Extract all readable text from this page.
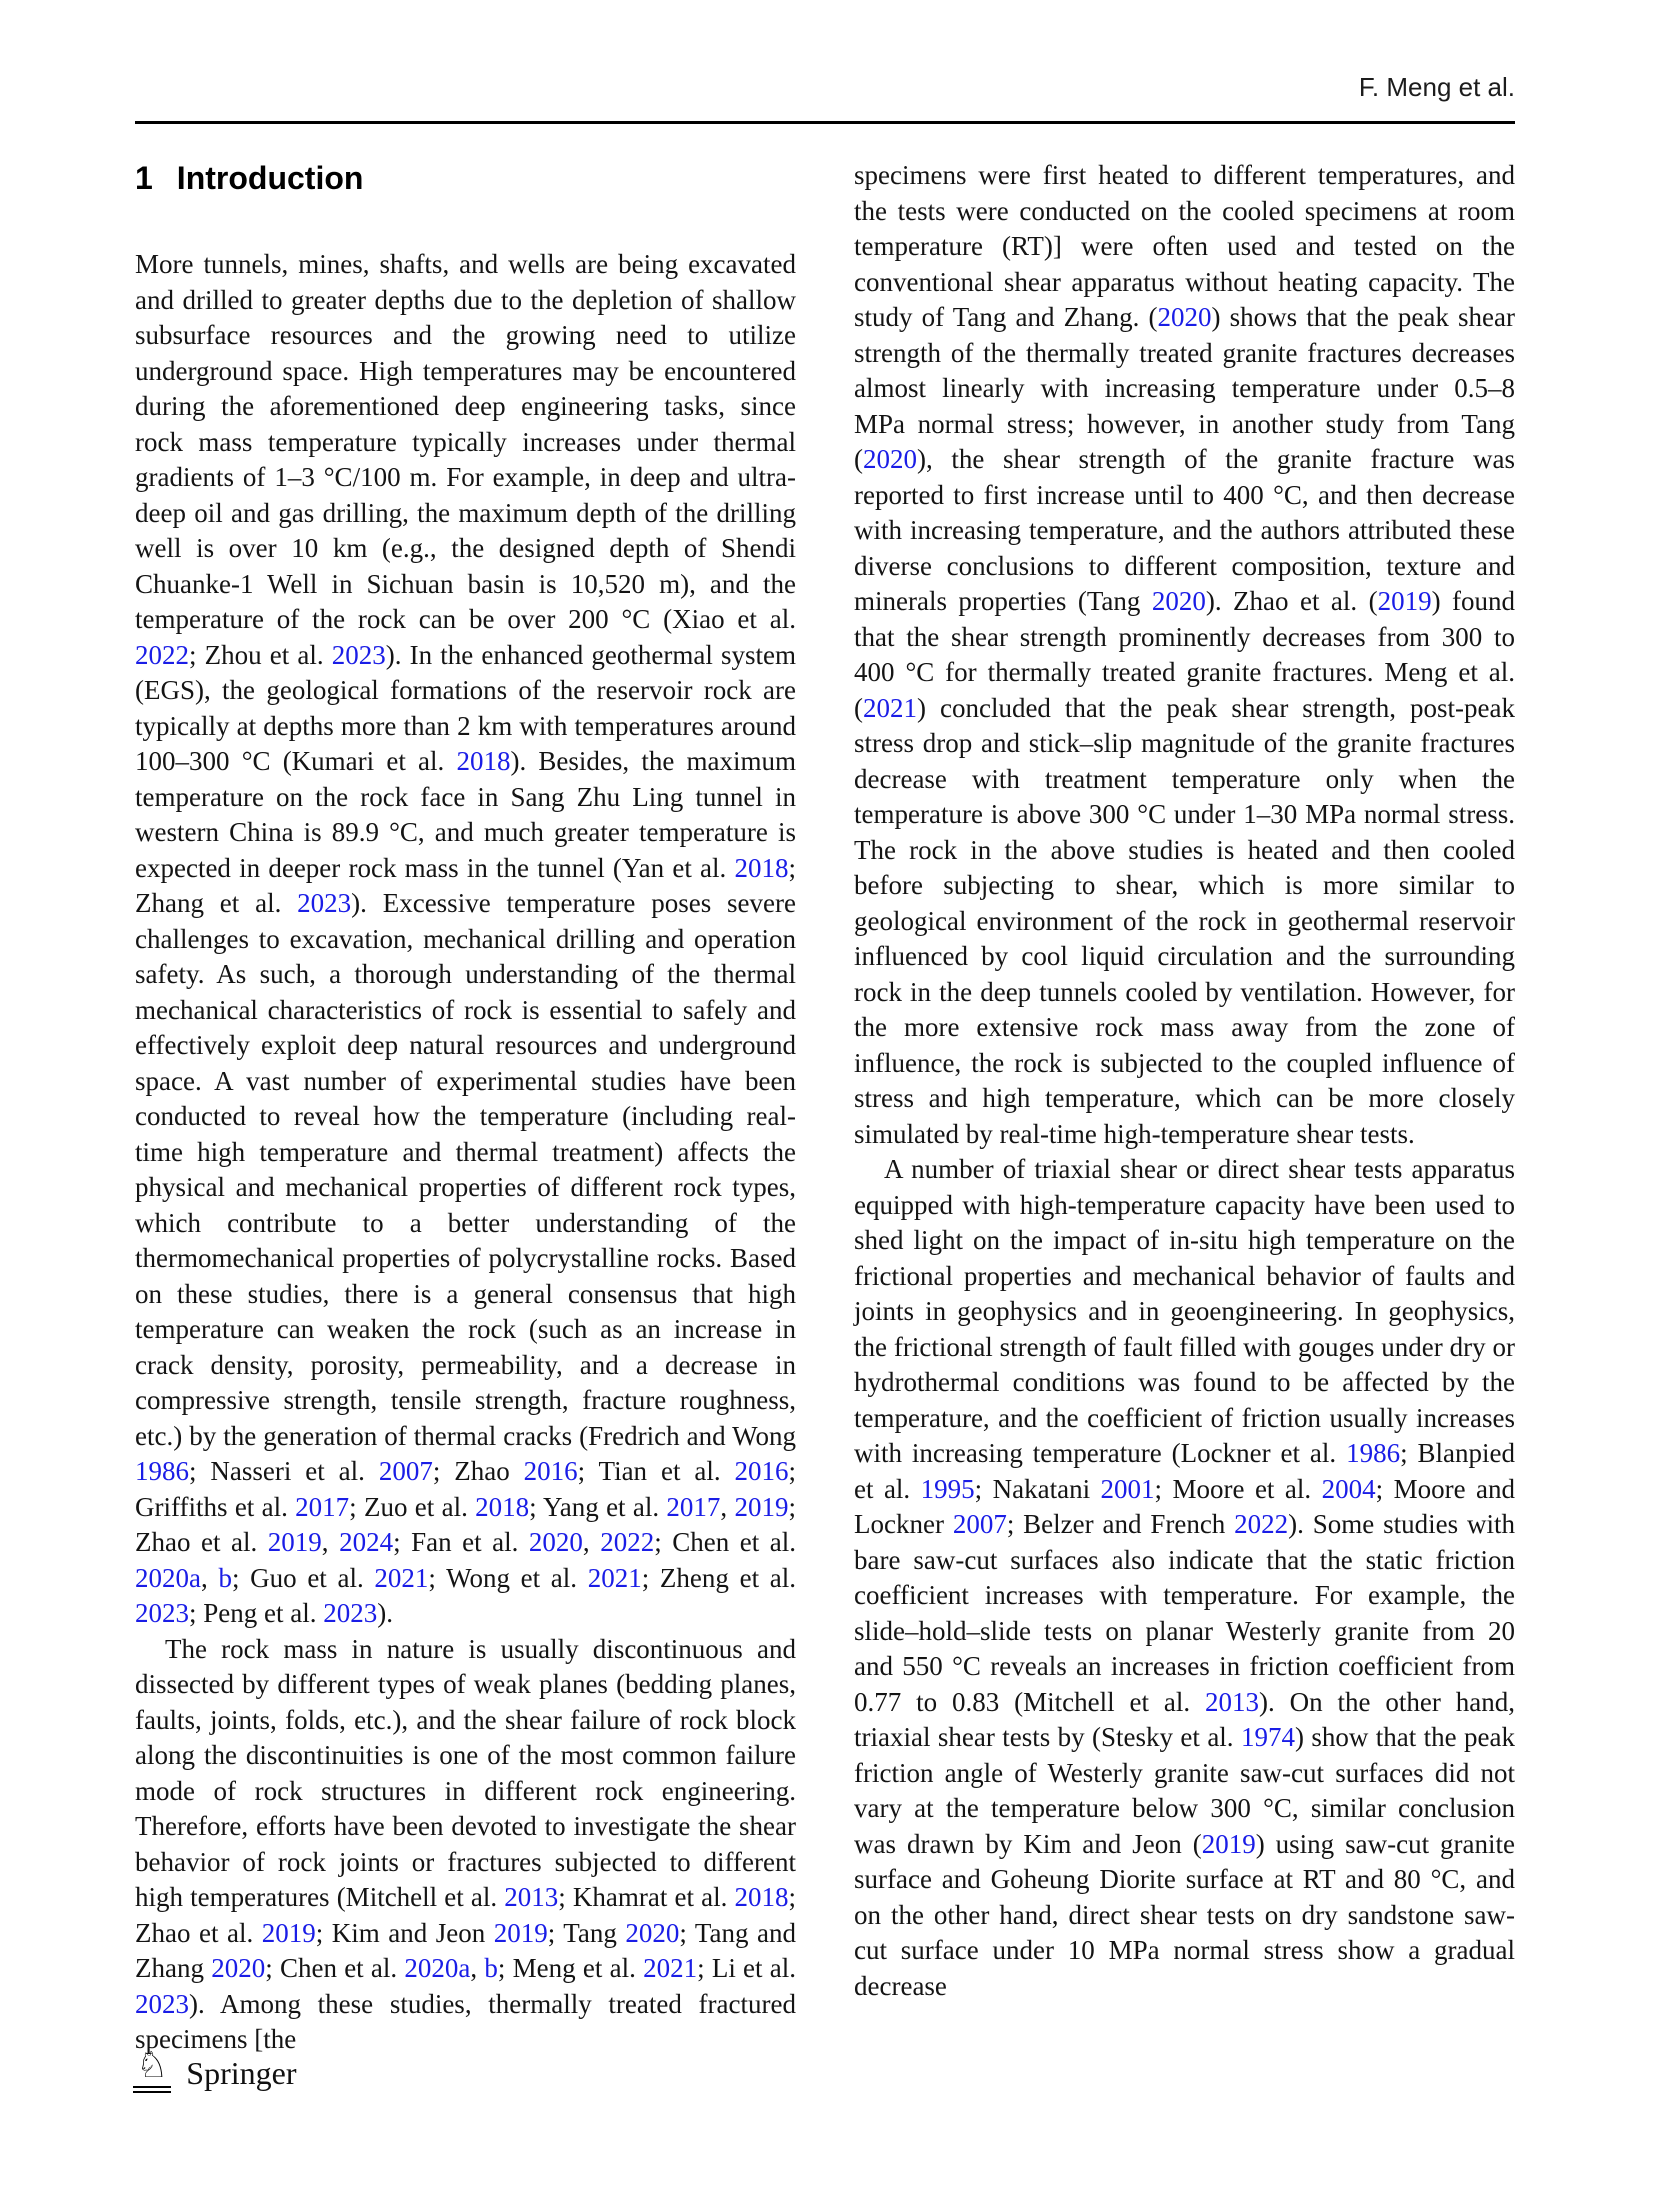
F. Meng et al.
1 Introduction

More tunnels, mines, shafts, and wells are being excavated and drilled to greater depths due to the depletion of shallow subsurface resources and the growing need to utilize underground space. High temperatures may be encountered during the aforementioned deep engineering tasks, since rock mass temperature typically increases under thermal gradients of 1–3 °C/100 m. For example, in deep and ultra-deep oil and gas drilling, the maximum depth of the drilling well is over 10 km (e.g., the designed depth of Shendi Chuanke-1 Well in Sichuan basin is 10,520 m), and the temperature of the rock can be over 200 °C (Xiao et al. 2022; Zhou et al. 2023). In the enhanced geothermal system (EGS), the geological formations of the reservoir rock are typically at depths more than 2 km with temperatures around 100–300 °C (Kumari et al. 2018). Besides, the maximum temperature on the rock face in Sang Zhu Ling tunnel in western China is 89.9 °C, and much greater temperature is expected in deeper rock mass in the tunnel (Yan et al. 2018; Zhang et al. 2023). Excessive temperature poses severe challenges to excavation, mechanical drilling and operation safety. As such, a thorough understanding of the thermal mechanical characteristics of rock is essential to safely and effectively exploit deep natural resources and underground space. A vast number of experimental studies have been conducted to reveal how the temperature (including real-time high temperature and thermal treatment) affects the physical and mechanical properties of different rock types, which contribute to a better understanding of the thermomechanical properties of polycrystalline rocks. Based on these studies, there is a general consensus that high temperature can weaken the rock (such as an increase in crack density, porosity, permeability, and a decrease in compressive strength, tensile strength, fracture roughness, etc.) by the generation of thermal cracks (Fredrich and Wong 1986; Nasseri et al. 2007; Zhao 2016; Tian et al. 2016; Griffiths et al. 2017; Zuo et al. 2018; Yang et al. 2017, 2019; Zhao et al. 2019, 2024; Fan et al. 2020, 2022; Chen et al. 2020a, b; Guo et al. 2021; Wong et al. 2021; Zheng et al. 2023; Peng et al. 2023).

The rock mass in nature is usually discontinuous and dissected by different types of weak planes (bedding planes, faults, joints, folds, etc.), and the shear failure of rock block along the discontinuities is one of the most common failure mode of rock structures in different rock engineering. Therefore, efforts have been devoted to investigate the shear behavior of rock joints or fractures subjected to different high temperatures (Mitchell et al. 2013; Khamrat et al. 2018; Zhao et al. 2019; Kim and Jeon 2019; Tang 2020; Tang and Zhang 2020; Chen et al. 2020a, b; Meng et al. 2021; Li et al. 2023). Among these studies, thermally treated fractured specimens [the

specimens were first heated to different temperatures, and the tests were conducted on the cooled specimens at room temperature (RT)] were often used and tested on the conventional shear apparatus without heating capacity. The study of Tang and Zhang. (2020) shows that the peak shear strength of the thermally treated granite fractures decreases almost linearly with increasing temperature under 0.5–8 MPa normal stress; however, in another study from Tang (2020), the shear strength of the granite fracture was reported to first increase until to 400 °C, and then decrease with increasing temperature, and the authors attributed these diverse conclusions to different composition, texture and minerals properties (Tang 2020). Zhao et al. (2019) found that the shear strength prominently decreases from 300 to 400 °C for thermally treated granite fractures. Meng et al. (2021) concluded that the peak shear strength, post-peak stress drop and stick–slip magnitude of the granite fractures decrease with treatment temperature only when the temperature is above 300 °C under 1–30 MPa normal stress. The rock in the above studies is heated and then cooled before subjecting to shear, which is more similar to geological environment of the rock in geothermal reservoir influenced by cool liquid circulation and the surrounding rock in the deep tunnels cooled by ventilation. However, for the more extensive rock mass away from the zone of influence, the rock is subjected to the coupled influence of stress and high temperature, which can be more closely simulated by real-time high-temperature shear tests.

A number of triaxial shear or direct shear tests apparatus equipped with high-temperature capacity have been used to shed light on the impact of in-situ high temperature on the frictional properties and mechanical behavior of faults and joints in geophysics and in geoengineering. In geophysics, the frictional strength of fault filled with gouges under dry or hydrothermal conditions was found to be affected by the temperature, and the coefficient of friction usually increases with increasing temperature (Lockner et al. 1986; Blanpied et al. 1995; Nakatani 2001; Moore et al. 2004; Moore and Lockner 2007; Belzer and French 2022). Some studies with bare saw-cut surfaces also indicate that the static friction coefficient increases with temperature. For example, the slide–hold–slide tests on planar Westerly granite from 20 and 550 °C reveals an increases in friction coefficient from 0.77 to 0.83 (Mitchell et al. 2013). On the other hand, triaxial shear tests by (Stesky et al. 1974) show that the peak friction angle of Westerly granite saw-cut surfaces did not vary at the temperature below 300 °C, similar conclusion was drawn by Kim and Jeon (2019) using saw-cut granite surface and Goheung Diorite surface at RT and 80 °C, and on the other hand, direct shear tests on dry sandstone saw-cut surface under 10 MPa normal stress show a gradual decrease

♘ Springer
